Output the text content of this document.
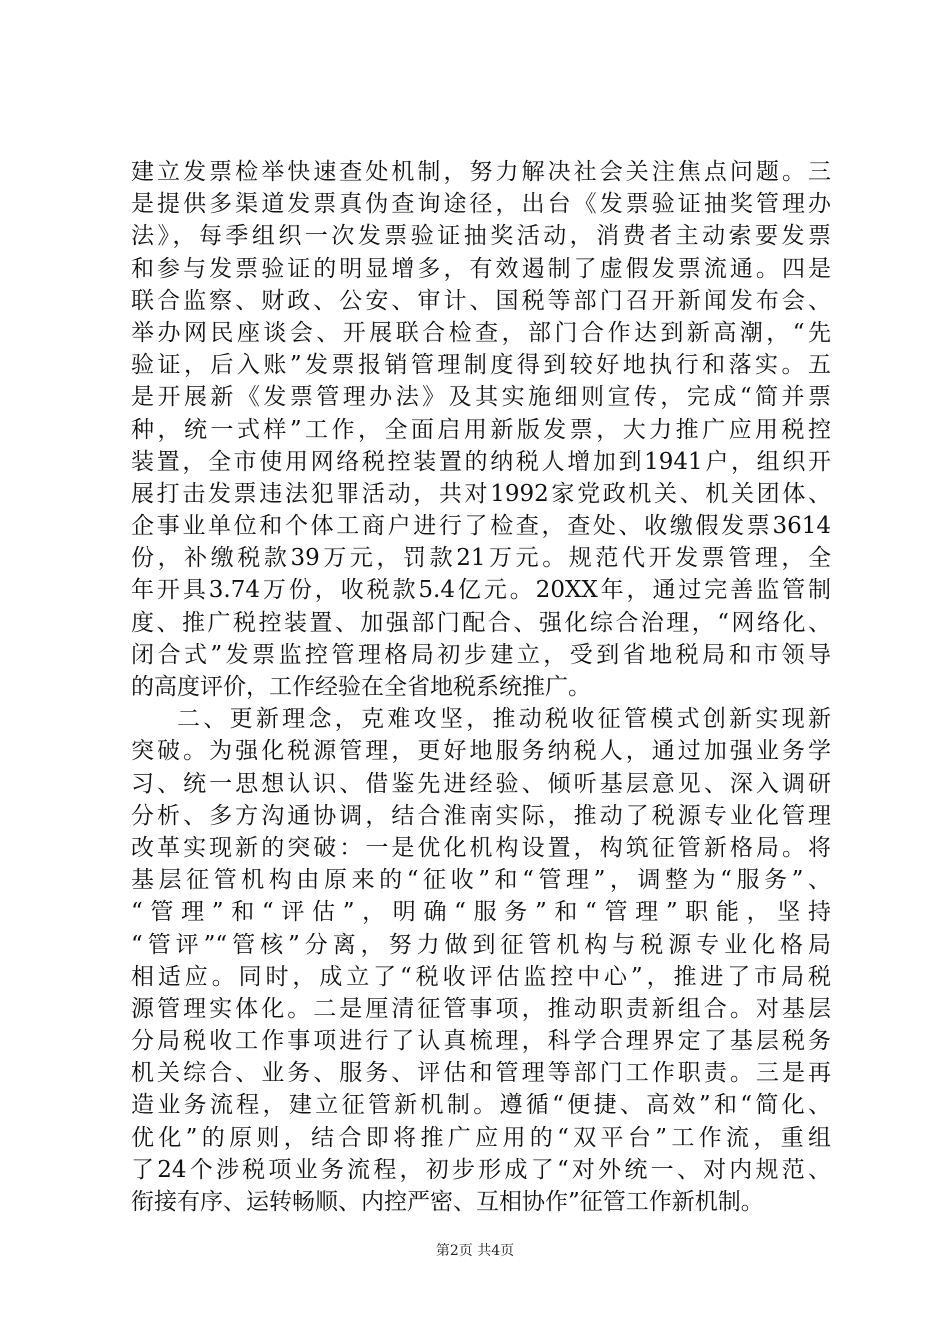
建立发票检举快速查处机制，努力解决社会关注焦点问题。三
是提供多渠道发票真伪查询途径，出台《发票验证抽奖管理办
法》，每季组织一次发票验证抽奖活动，消费者主动索要发票
和参与发票验证的明显增多，有效遏制了虚假发票流通。四是
联合监察、财政、公安、审计、国税等部门召开新闻发布会、
举办网民座谈会、开展联合检查，部门合作达到新高潮，“先
验证，后入账”发票报销管理制度得到较好地执行和落实。五
是开展新《发票管理办法》及其实施细则宣传，完成“简并票
种，统一式样”工作，全面启用新版发票，大力推广应用税控
装置，全市使用网络税控装置的纳税人增加到1941户，组织开
展打击发票违法犯罪活动，共对1992家党政机关、机关团体、
企事业单位和个体工商户进行了检查，查处、收缴假发票3614
份，补缴税款39万元，罚款21万元。规范代开发票管理，全
年开具3.74万份，收税款5.4亿元。20XX年，通过完善监管制
度、推广税控装置、加强部门配合、强化综合治理，“网络化、
闭合式”发票监控管理格局初步建立，受到省地税局和市领导
的高度评价，工作经验在全省地税系统推广。
二、更新理念，克难攻坚，推动税收征管模式创新实现新
突破。为强化税源管理，更好地服务纳税人，通过加强业务学
习、统一思想认识、借鉴先进经验、倾听基层意见、深入调研
分析、多方沟通协调，结合淮南实际，推动了税源专业化管理
改革实现新的突破：一是优化机构设置，构筑征管新格局。将
基层征管机构由原来的“征收”和“管理”，调整为“服务”、
“管理”和“评估”，明确“服务”和“管理”职能，坚持
“管评”“管核”分离，努力做到征管机构与税源专业化格局
相适应。同时，成立了“税收评估监控中心”，推进了市局税
源管理实体化。二是厘清征管事项，推动职责新组合。对基层
分局税收工作事项进行了认真梳理，科学合理界定了基层税务
机关综合、业务、服务、评估和管理等部门工作职责。三是再
造业务流程，建立征管新机制。遵循“便捷、高效”和“简化、
优化”的原则，结合即将推广应用的“双平台”工作流，重组
了24个涉税项业务流程，初步形成了“对外统一、对内规范、
衔接有序、运转畅顺、内控严密、互相协作”征管工作新机制。
第2页 共4页
